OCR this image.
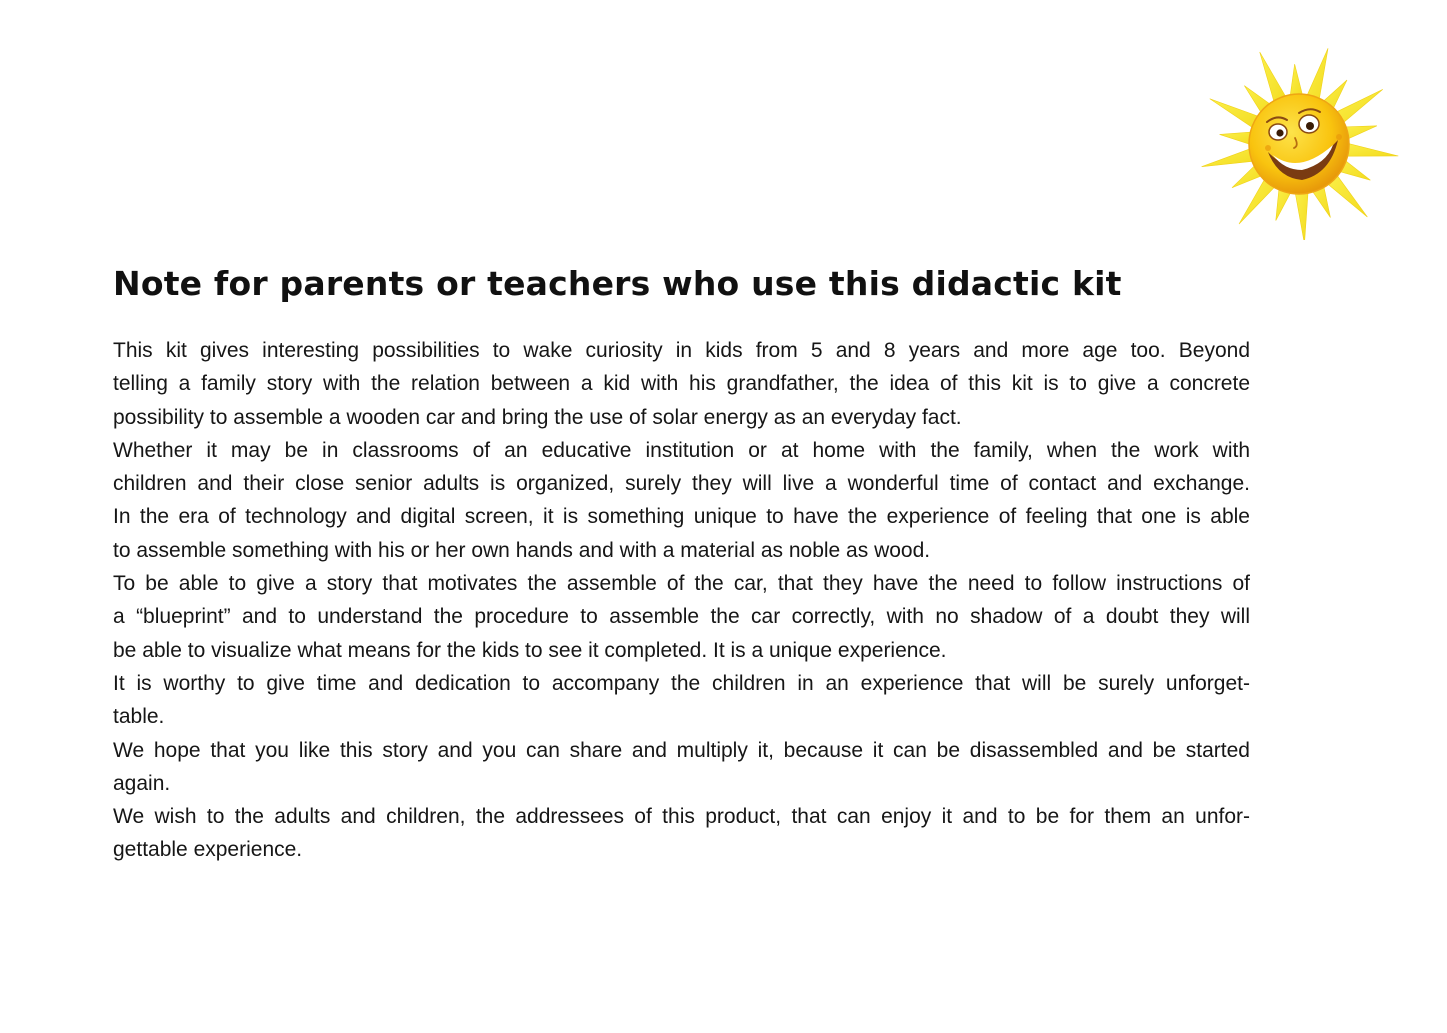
Note for parents or teachers who use this didactic kit
This kit gives interesting possibilities to wake curiosity in kids from 5 and 8 years and more age too. Beyond
telling a family story with the relation between a kid with his grandfather, the idea of this kit is to give a concrete
possibility to assemble a wooden car and bring the use of solar energy as an everyday fact.
Whether it may be in classrooms of an educative institution or at home with the family, when the work with
children and their close senior adults is organized, surely they will live a wonderful time of contact and exchange.
In the era of technology and digital screen, it is something unique to have the experience of feeling that one is able
to assemble something with his or her own hands and with a material as noble as wood.
To be able to give a story that motivates the assemble of the car, that they have the need to follow instructions of
a “blueprint” and to understand the procedure to assemble the car correctly, with no shadow of a doubt they will
be able to visualize what means for the kids to see it completed. It is a unique experience.
It is worthy to give time and dedication to accompany the children in an experience that will be surely unforget-
table.
We hope that you like this story and you can share and multiply it, because it can be disassembled and be started
again.
We wish to the adults and children, the addressees of this product, that can enjoy it and to be for them an unfor-
gettable experience.
